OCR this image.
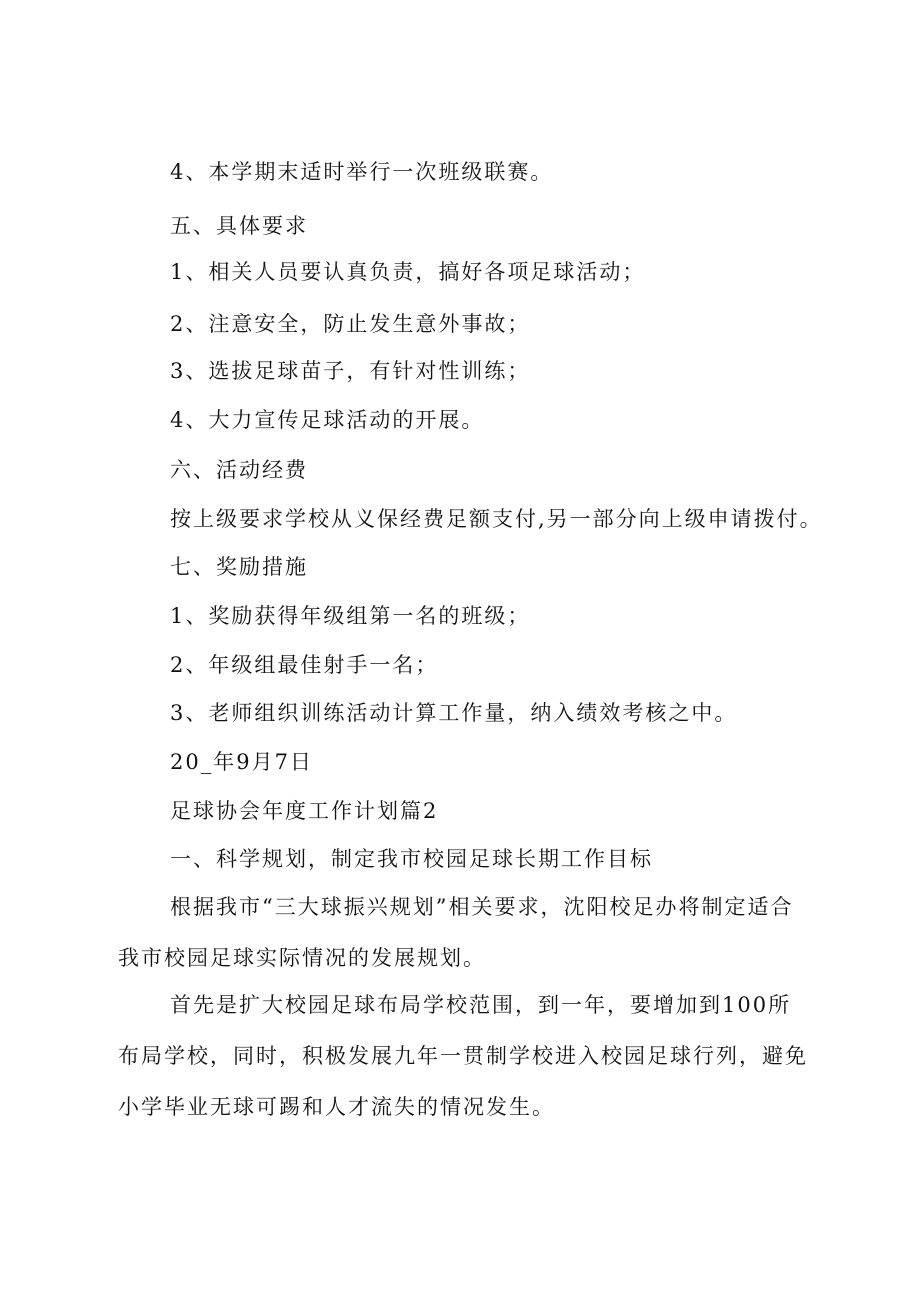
4、本学期末适时举行一次班级联赛。
五、具体要求
1、相关人员要认真负责，搞好各项足球活动；
2、注意安全，防止发生意外事故；
3、选拔足球苗子，有针对性训练；
4、大力宣传足球活动的开展。
六、活动经费
按上级要求学校从义保经费足额支付,另一部分向上级申请拨付。
七、奖励措施
1、奖励获得年级组第一名的班级；
2、年级组最佳射手一名；
3、老师组织训练活动计算工作量，纳入绩效考核之中。
20_年9月7日
足球协会年度工作计划篇2
一、科学规划，制定我市校园足球长期工作目标
根据我市“三大球振兴规划”相关要求，沈阳校足办将制定适合我市校园足球实际情况的发展规划。
首先是扩大校园足球布局学校范围，到一年，要增加到100所布局学校，同时，积极发展九年一贯制学校进入校园足球行列，避免小学毕业无球可踢和人才流失的情况发生。
